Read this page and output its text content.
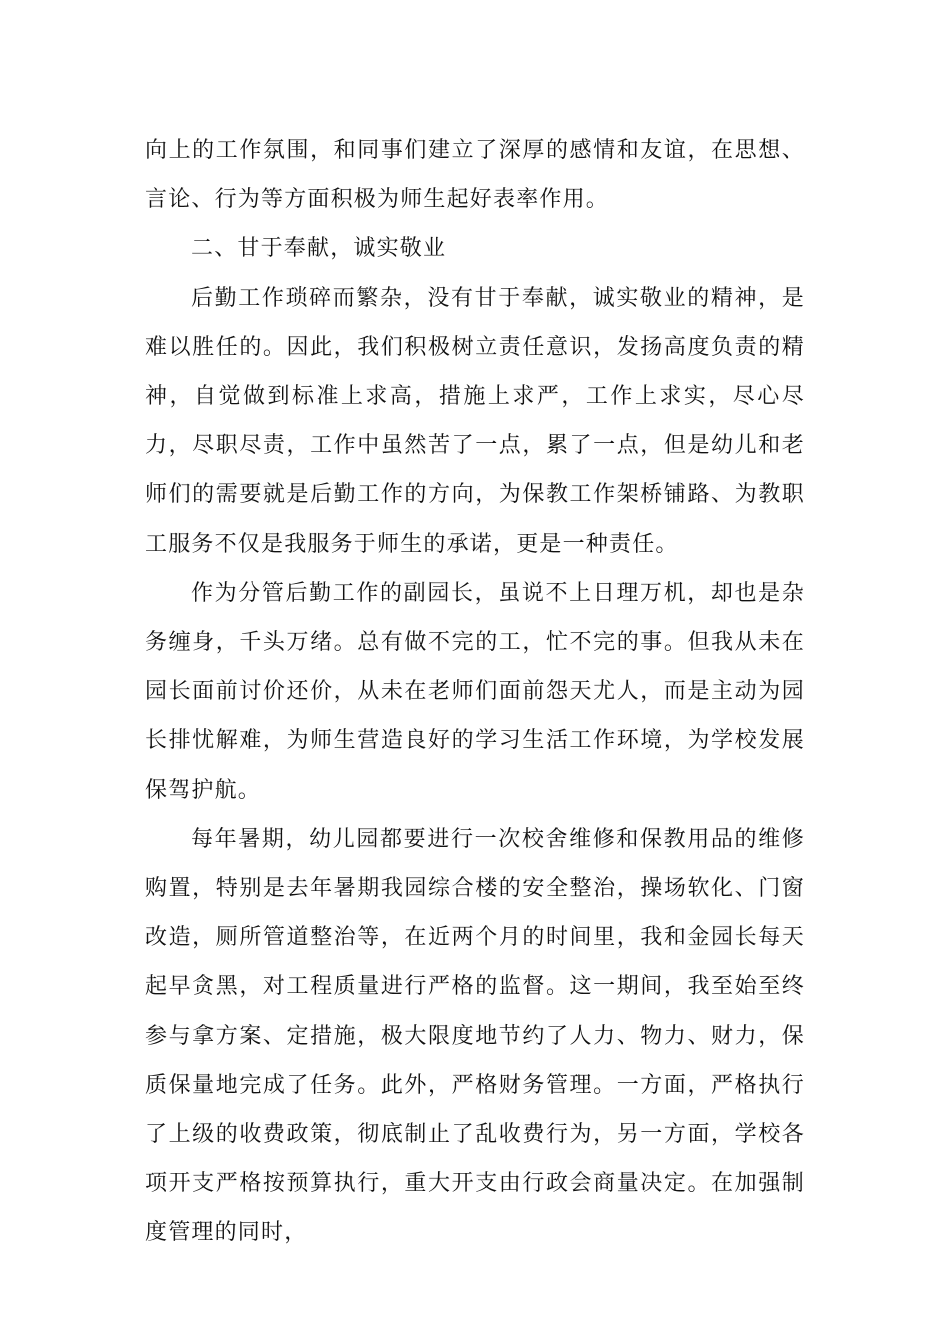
向上的工作氛围，和同事们建立了深厚的感情和友谊，在思想、言论、行为等方面积极为师生起好表率作用。

二、甘于奉献，诚实敬业

后勤工作琐碎而繁杂，没有甘于奉献，诚实敬业的精神，是难以胜任的。因此，我们积极树立责任意识，发扬高度负责的精神，自觉做到标准上求高，措施上求严，工作上求实，尽心尽力，尽职尽责，工作中虽然苦了一点，累了一点，但是幼儿和老师们的需要就是后勤工作的方向，为保教工作架桥铺路、为教职工服务不仅是我服务于师生的承诺，更是一种责任。

作为分管后勤工作的副园长，虽说不上日理万机，却也是杂务缠身，千头万绪。总有做不完的工，忙不完的事。但我从未在园长面前讨价还价，从未在老师们面前怨天尤人，而是主动为园长排忧解难，为师生营造良好的学习生活工作环境，为学校发展保驾护航。

每年暑期，幼儿园都要进行一次校舍维修和保教用品的维修购置，特别是去年暑期我园综合楼的安全整治，操场软化、门窗改造，厕所管道整治等，在近两个月的时间里，我和金园长每天起早贪黑，对工程质量进行严格的监督。这一期间，我至始至终参与拿方案、定措施，极大限度地节约了人力、物力、财力，保质保量地完成了任务。此外，严格财务管理。一方面，严格执行了上级的收费政策，彻底制止了乱收费行为，另一方面，学校各项开支严格按预算执行，重大开支由行政会商量决定。在加强制度管理的同时，
